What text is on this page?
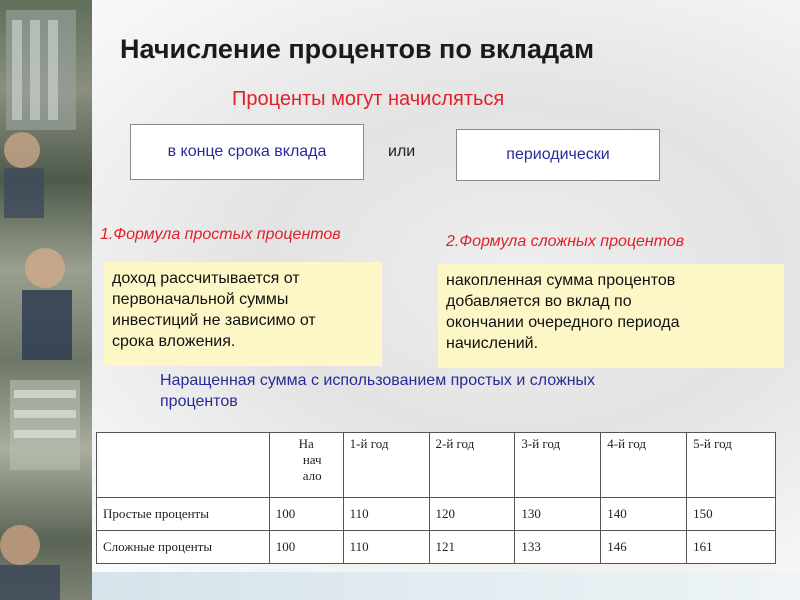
Начисление процентов по вкладам
Проценты могут начисляться
в конце срока вклада	или	периодически
1.Формула простых процентов	2.Формула сложных процентов
доход рассчитывается от
первоначальной суммы
инвестиций не зависимо от
срока вложения.
накопленная сумма процентов
добавляется во вклад по
окончании очередного периода
начислений.
Наращенная сумма с использованием простых и сложных
процентов

	На
нач
ало	1-й год	2-й год	3-й год	4-й год	5-й год
Простые проценты	100	110	120	130	140	150
Сложные проценты	100	110	121	133	146	161
